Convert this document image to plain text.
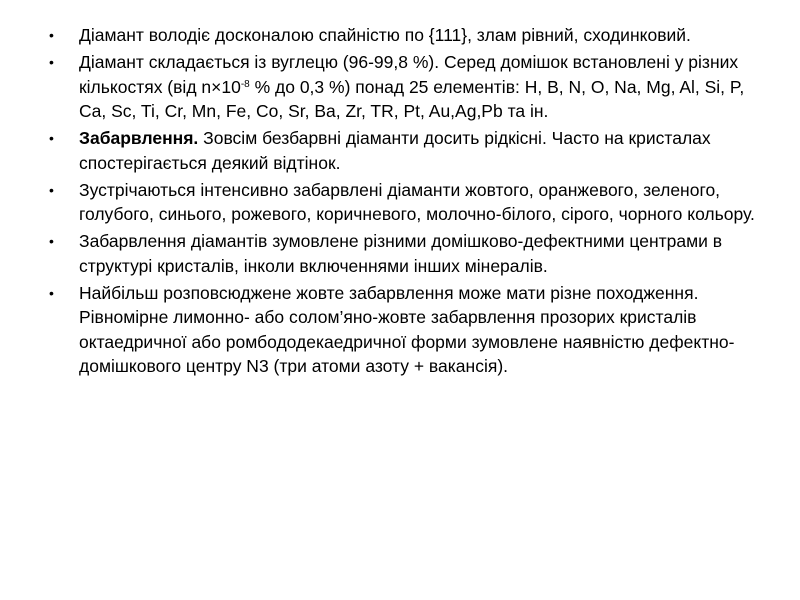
• Діамант володіє досконалою спайністю по {111}, злам рівний, сходинковий.
• Діамант складається із вуглецю (96-99,8 %). Серед домішок встановлені у різних кількостях (від $n\times 10^{-8}$ % до 0,3 %) понад 25 елементів: H, B, N, O, Na, Mg, Al, Si, P, Ca, Sc, Ti, Cr, Mn, Fe, Co, Sr, Ba, Zr, TR, Pt, Au,Ag,Pb та ін.
• Забарвлення. Зовсім безбарвні діаманти досить рідкісні. Часто на кристалах спостерігається деякий відтінок.
• Зустрічаються інтенсивно забарвлені діаманти жовтого, оранжевого, зеленого, голубого, синього, рожевого, коричневого, молочно-білого, сірого, чорного кольору.
• Забарвлення діамантів зумовлене різними домішково-дефектними центрами в структурі кристалів, інколи включеннями інших мінералів.
• Найбільш розповсюджене жовте забарвлення може мати різне походження. Рівномірне лимонно- або солом’яно-жовте забарвлення прозорих кристалів октаедричної або ромбододекаедричної форми зумовлене наявністю дефектно-домішкового центру N3 (три атоми азоту + вакансія).
